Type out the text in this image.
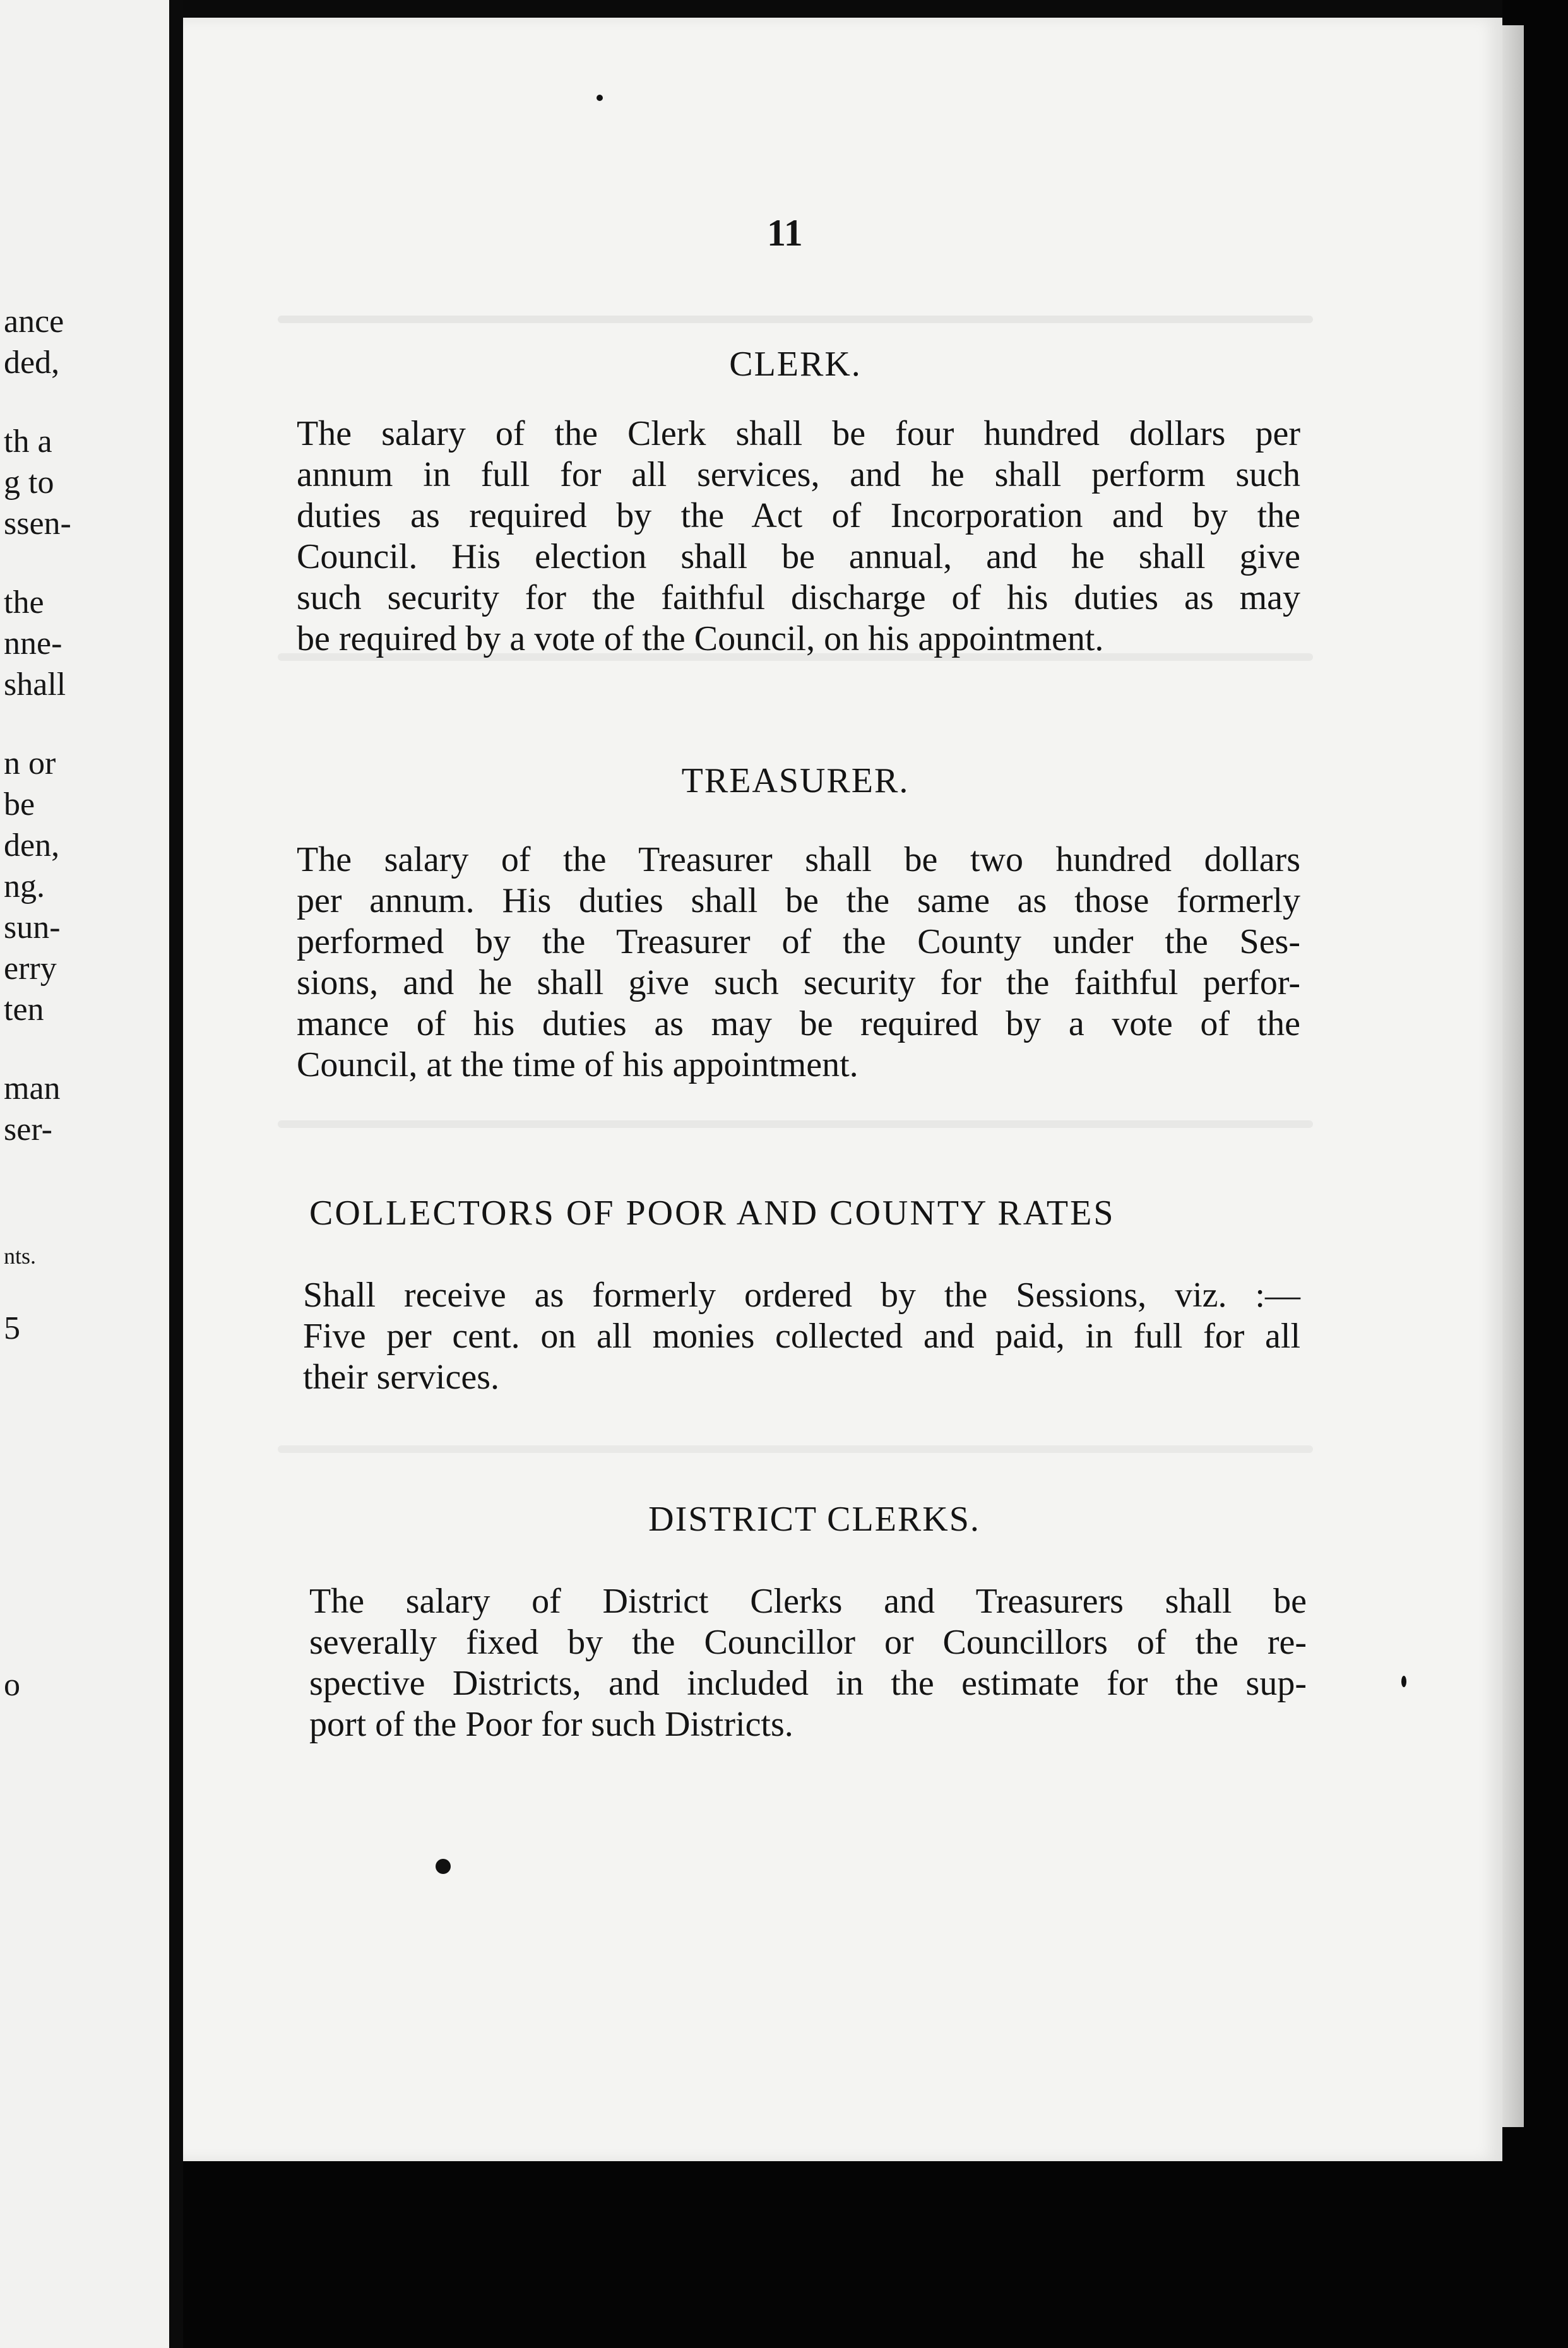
ance
ded,
th a
g to
ssen-
the
nne-
shall
n or
be
den,
ng.
sun-
erry
ten
man
ser-
nts.
5
o
11
CLERK.
The salary of the Clerk shall be four hundred dollars per
annum in full for all services, and he shall perform such
duties as required by the Act of Incorporation and by the
Council. His election shall be annual, and he shall give
such security for the faithful discharge of his duties as may
be required by a vote of the Council, on his appointment.
TREASURER.
The salary of the Treasurer shall be two hundred dollars
per annum. His duties shall be the same as those formerly
performed by the Treasurer of the County under the Ses-
sions, and he shall give such security for the faithful perfor-
mance of his duties as may be required by a vote of the
Council, at the time of his appointment.
COLLECTORS OF POOR AND COUNTY RATES
Shall receive as formerly ordered by the Sessions, viz. :—
Five per cent. on all monies collected and paid, in full for all
their services.
DISTRICT CLERKS.
The salary of District Clerks and Treasurers shall be
severally fixed by the Councillor or Councillors of the re-
spective Districts, and included in the estimate for the sup-
port of the Poor for such Districts.
